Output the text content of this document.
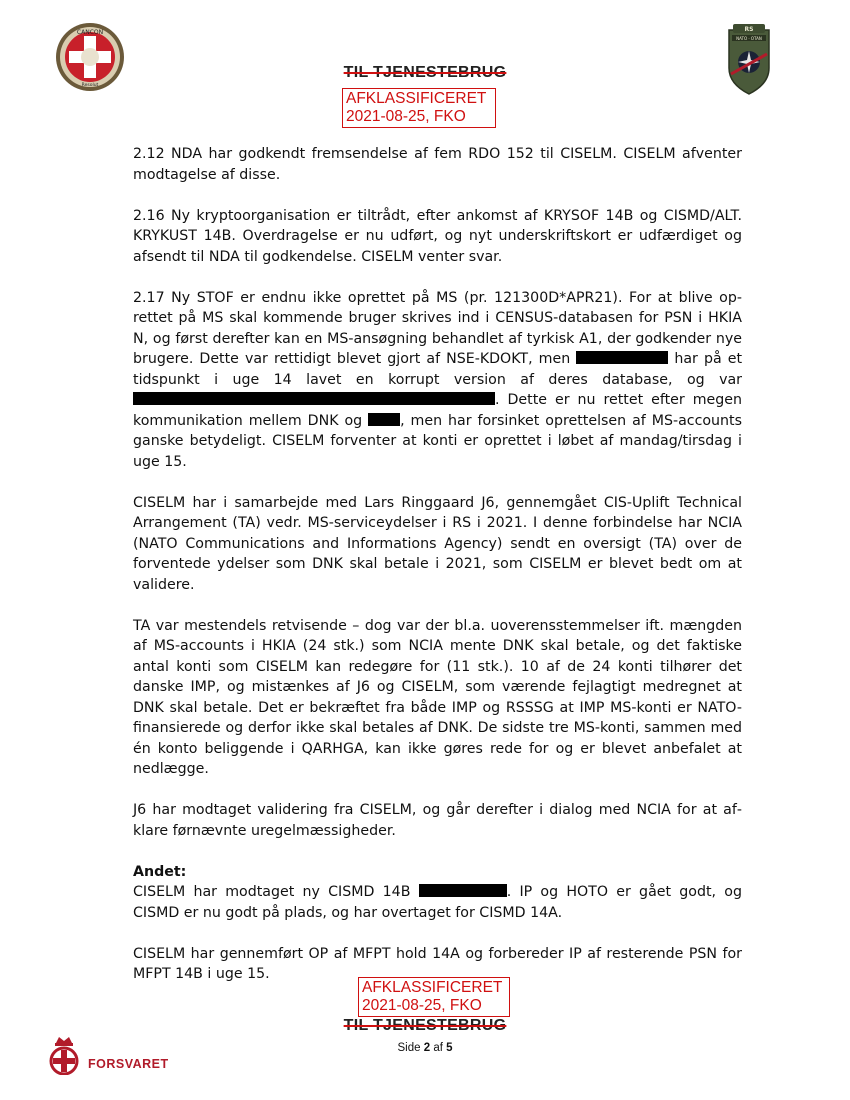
CANCON
Resolut
RS
NATO · OTAN
TIL TJENESTEBRUG
AFKLASSIFICERET
2021-08-25, FKO

2.12 NDA har godkendt fremsendelse af fem RDO 152 til CISELM. CISELM afventer modtagelse af disse.

2.16 Ny kryptoorganisation er tiltrådt, efter ankomst af KRYSOF 14B og CISMD/ALT. KRYKUST 14B. Overdragelse er nu udført, og nyt underskriftskort er udfærdiget og afsendt til NDA til godkendelse. CISELM venter svar.

2.17 Ny STOF er endnu ikke oprettet på MS (pr. 121300D*APR21). For at blive oprettet på MS skal kommende bruger skrives ind i CENSUS-databasen for PSN i HKIA N, og først derefter kan en MS-ansøgning behandlet af tyrkisk A1, der godkender nye brugere. Dette var rettidigt blevet gjort af NSE-KDOKT, men	har på et tidspunkt i uge 14 lavet en korrupt version af deres database, og var . Dette er nu rettet efter megen kommunikation mellem DNK og	, men har forsinket oprettelsen af MS-accounts ganske betydeligt. CISELM forventer at konti er oprettet i løbet af mandag/tirsdag i uge 15.

CISELM har i samarbejde med Lars Ringgaard J6, gennemgået CIS-Uplift Technical Arrangement (TA) vedr. MS-serviceydelser i RS i 2021. I denne forbindelse har NCIA (NATO Communications and Informations Agency) sendt en oversigt (TA) over de forventede ydelser som DNK skal betale i 2021, som CISELM er blevet bedt om at validere.

TA var mestendels retvisende – dog var der bl.a. uoverensstemmelser ift. mængden af MS-accounts i HKIA (24 stk.) som NCIA mente DNK skal betale, og det faktiske antal konti som CISELM kan redegøre for (11 stk.). 10 af de 24 konti tilhører det danske IMP, og mistænkes af J6 og CISELM, som værende fejlagtigt medregnet at DNK skal betale. Det er bekræftet fra både IMP og RSSSG at IMP MS-konti er NATO-finansierede og derfor ikke skal betales af DNK. De sidste tre MS-konti, sammen med én konto beliggende i QARHGA, kan ikke gøres rede for og er blevet anbefalet at nedlægge.

J6 har modtaget validering fra CISELM, og går derefter i dialog med NCIA for at afklare førnævnte uregelmæssigheder.

Andet:
CISELM har modtaget ny CISMD 14B	. IP og HOTO er gået godt, og CISMD er nu godt på plads, og har overtaget for CISMD 14A.

CISELM har gennemført OP af MFPT hold 14A og forbereder IP af resterende PSN for MFPT 14B i uge 15.

AFKLASSIFICERET
2021-08-25, FKO
TIL TJENESTEBRUG
Side 2 af 5
FORSVARET
